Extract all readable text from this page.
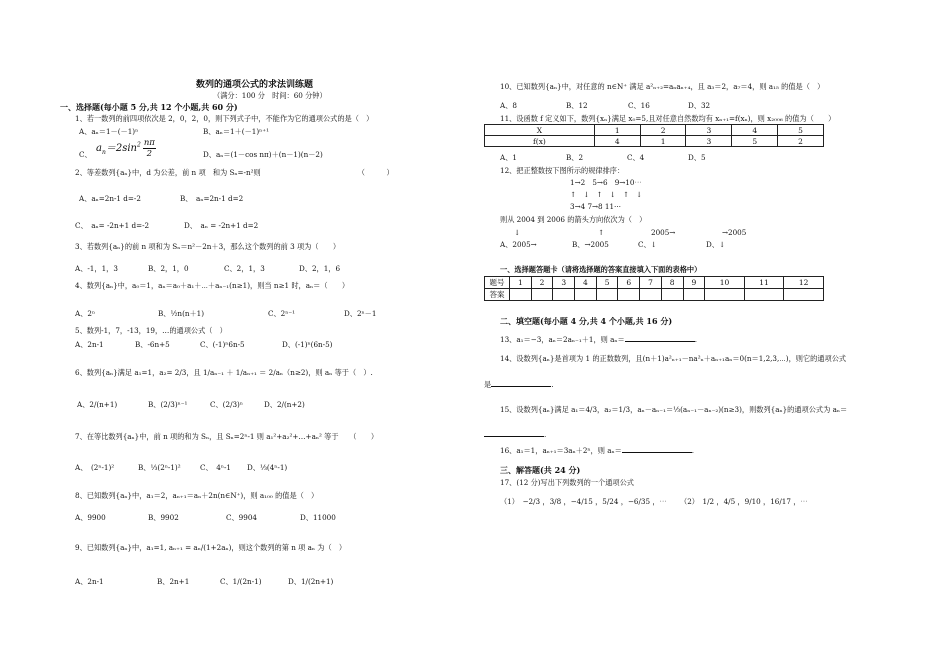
数列的通项公式的求法训练题
（满分：100 分　时间：60 分钟）
一、选择题(每小题 5 分,共 12 个小题,共 60 分)
1、若一数列的前四项依次是 2，0，2，0，则下列式子中，不能作为它的通项公式的是（　）
A、aₙ＝1－(－1)ⁿ	B、aₙ＝1＋(－1)ⁿ⁺¹
C、
$a_n=2\sin^2 \frac{n\pi}{2}$	D、aₙ＝(1－cos nπ)＋(n－1)(n－2)
2、等差数列{aₙ}中，d 为公差，前 n 项　和为 Sₙ=-n²则　　　　　　　　　　　　　　（　　　）
A、aₙ=2n-1 d=-2	B、　aₙ=2n-1 d=2
C、　aₙ= -2n+1 d=-2	D、　aₙ = -2n+1 d=2
3、若数列{aₙ}的前 n 项和为 Sₙ＝n²－2n＋3，那么这个数列的前 3 项为（　　）
A、-1，1，3	B、2，1，0	C、2，1，3	D、2，1，6
4、数列{aₙ}中，a₀＝1，aₙ＝a₀＋a₁＋⋯＋aₙ₋₁(n≥1)，则当 n≥1 时，aₙ＝（　　）
A、2ⁿ	B、½n(n＋1)	C、2ⁿ⁻¹	D、2ⁿ－1
5、数列-1，7，-13，19，…的通项公式（　）
A、2n-1	B、-6n+5	C、(-1)ⁿ6n-5	D、(-1)ⁿ(6n-5)
6、数列{aₙ}满足 a₁=1，a₂= 2/3，且 1/aₙ₋₁ ＋ 1/aₙ₊₁ ＝ 2/aₙ（n≥2)，则 aₙ 等于（　）.
A、2/(n+1)	B、(2/3)ⁿ⁻¹	C、(2/3)ⁿ	D、2/(n+2)
7、在等比数列{aₙ}中，前 n 项的和为 Sₙ，且 Sₙ=2ⁿ-1 则 a₁²+a₂²+…+aₙ² 等于　　（　　）
A、　(2ⁿ-1)²	B、⅓(2ⁿ-1)²	C、　4ⁿ-1 D、⅓(4ⁿ-1)
8、已知数列{aₙ}中，a₁＝2，aₙ₊₁＝aₙ＋2n(n∈N⁺)，则 a₁₀₀ 的值是（　）
A、9900	B、9902	C、9904	D、11000
9、已知数列{aₙ}中，a₁=1, aₙ₊₁ = aₙ/(1+2aₙ)，则这个数列的第 n 项 aₙ 为（　）
A、2n-1	B、2n+1	C、1/(2n-1)	D、1/(2n+1)
10、已知数列{aₙ}中，对任意的 n∈N⁺ 满足 a²ₙ₊₂=aₙaₙ₊₄，且 a₃＝2，a₇＝4，则 a₁₅ 的值是（　）
A、8	B、12	C、16	D、32
11、设函数 f 定义如下，数列{xₙ}满足 x₀=5,且对任意自然数均有 xₙ₊₁=f(xₙ)，则 x₂₀₀₆ 的值为（　　）
X	1	2	3	4	5
f(x)	4	1	3	5	2
A、1	B、2	C、4	D、5
12、把正整数按下图所示的规律排序：
1→2　5→6　9→10⋯
↑　↓　↑　↓　↑　↓
3→4 7→8 11⋯
则从 2004 到 2006 的箭头方向依次为（　）
↓	↑	2005→	→2005
A、2005→	B、→2005	C、↓	D、↓
一、选择题答题卡（请将选择题的答案直接填入下面的表格中）
题号	1	2	3	4	5	6	7	8	9	10	11	12
答案												
二、填空题(每小题 4 分,共 4 个小题,共 16 分)
13、a₁＝−3，aₙ＝2aₙ₋₁＋1，则 aₙ＝	.
14、设数列{aₙ}是首项为 1 的正数数列，且(n＋1)a²ₙ₊₁－na²ₙ＋aₙ₊₁aₙ＝0(n＝1,2,3,⋯)，则它的通项公式
是	.
15、设数列{aₙ}满足 a₁＝4/3，a₂＝1/3，aₙ－aₙ₋₁＝⅓(aₙ₋₁－aₙ₋₂)(n≥3)，则数列{aₙ}的通项公式为 aₙ＝
.
16、a₁＝1，aₙ₊₁＝3aₙ＋2ⁿ，则 aₙ＝	.
三、解答题(共 24 分)
17、(12 分)写出下列数列的一个通项公式
（1）　−2/3 ，3/8 ，−4/15 ，5/24 ，−6/35 ，⋯ （2）　1/2 ，4/5 ，9/10 ，16/17 ，⋯
